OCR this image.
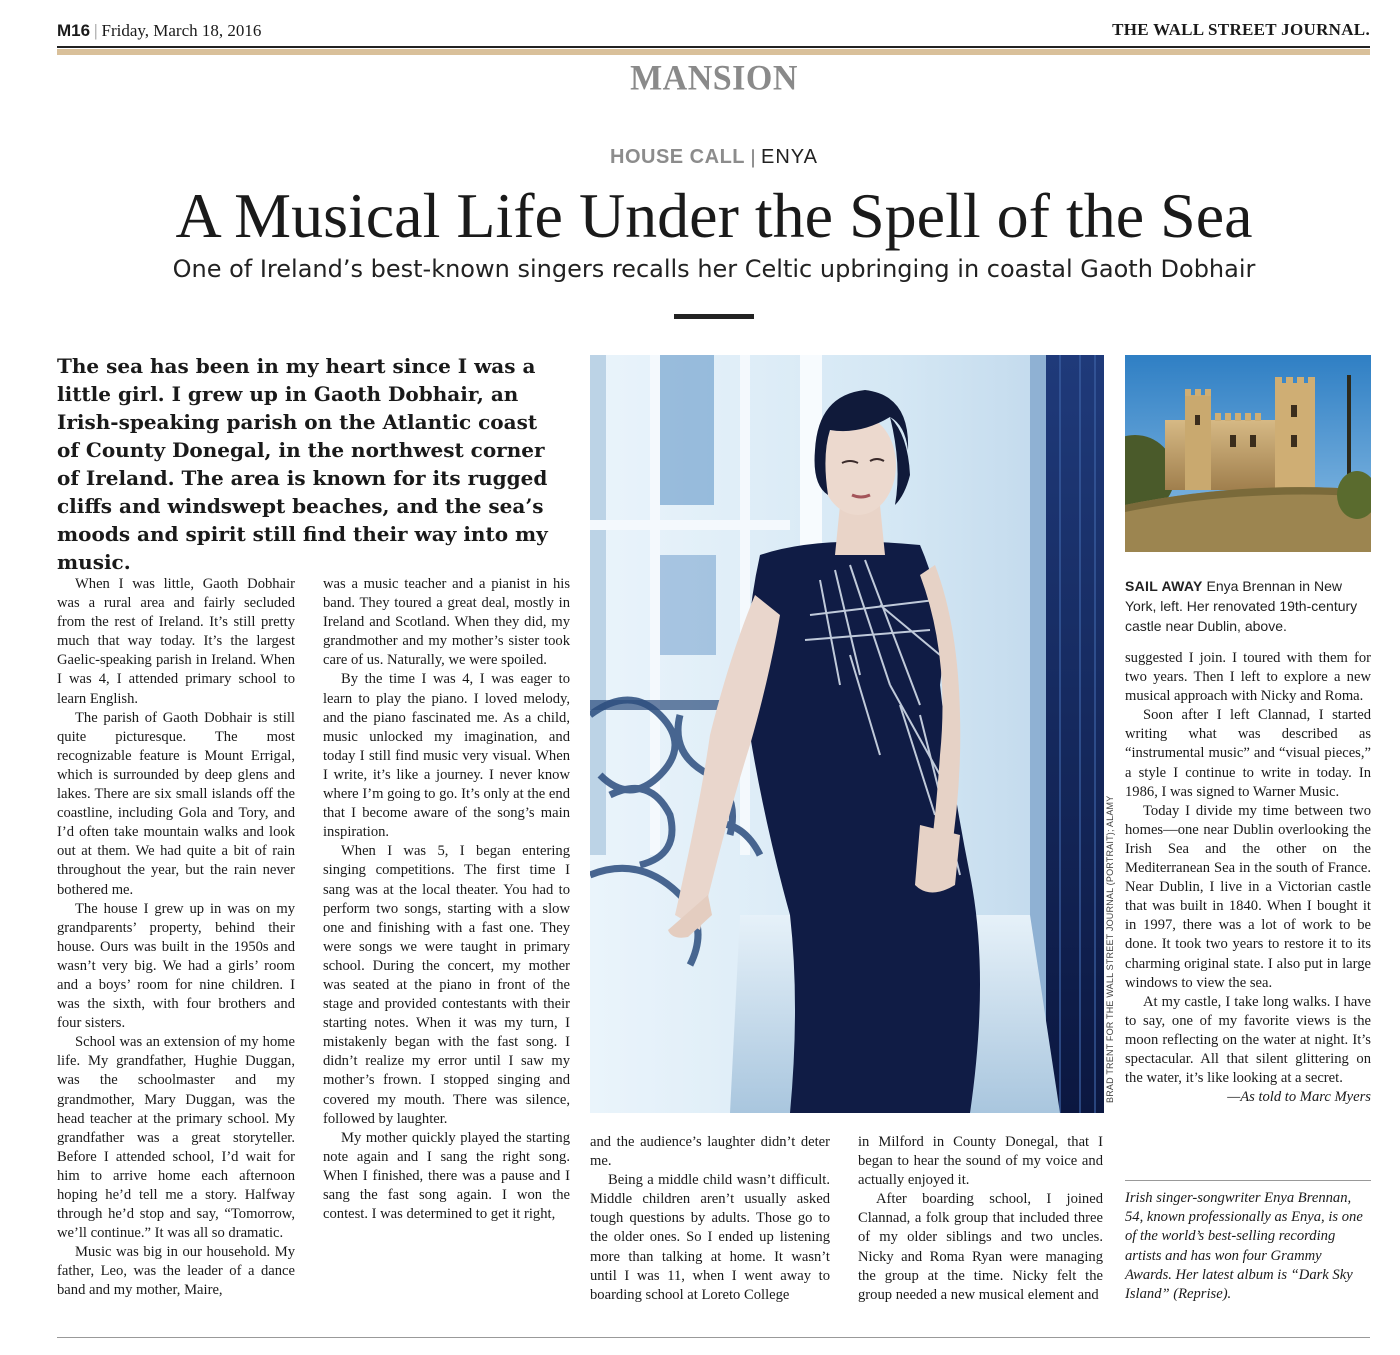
M16 | Friday, March 18, 2016	THE WALL STREET JOURNAL.
MANSION
HOUSE CALL | ENYA
A Musical Life Under the Spell of the Sea
One of Ireland’s best-known singers recalls her Celtic upbringing in coastal Gaoth Dobhair
The sea has been in my heart since I was a little girl. I grew up in Gaoth Dobhair, an Irish-speaking parish on the Atlantic coast of County Donegal, in the northwest corner of Ireland. The area is known for its rugged cliffs and windswept beaches, and the sea’s moods and spirit still find their way into my music.

When I was little, Gaoth Dobhair was a rural area and fairly secluded from the rest of Ireland. It’s still pretty much that way today. It’s the largest Gaelic-speaking parish in Ireland. When I was 4, I attended primary school to learn English.

The parish of Gaoth Dobhair is still quite picturesque. The most recognizable feature is Mount Errigal, which is surrounded by deep glens and lakes. There are six small islands off the coastline, including Gola and Tory, and I’d often take mountain walks and look out at them. We had quite a bit of rain throughout the year, but the rain never bothered me.

The house I grew up in was on my grandparents’ property, behind their house. Ours was built in the 1950s and wasn’t very big. We had a girls’ room and a boys’ room for nine children. I was the sixth, with four brothers and four sisters.

School was an extension of my home life. My grandfather, Hughie Duggan, was the schoolmaster and my grandmother, Mary Duggan, was the head teacher at the primary school. My grandfather was a great storyteller. Before I attended school, I’d wait for him to arrive home each afternoon hoping he’d tell me a story. Halfway through he’d stop and say, “Tomorrow, we’ll continue.” It was all so dramatic.

Music was big in our household. My father, Leo, was the leader of a dance band and my mother, Maire,

was a music teacher and a pianist in his band. They toured a great deal, mostly in Ireland and Scotland. When they did, my grandmother and my mother’s sister took care of us. Naturally, we were spoiled.

By the time I was 4, I was eager to learn to play the piano. I loved melody, and the piano fascinated me. As a child, music unlocked my imagination, and today I still find music very visual. When I write, it’s like a journey. I never know where I’m going to go. It’s only at the end that I become aware of the song’s main inspiration.

When I was 5, I began entering singing competitions. The first time I sang was at the local theater. You had to perform two songs, starting with a slow one and finishing with a fast one. They were songs we were taught in primary school. During the concert, my mother was seated at the piano in front of the stage and provided contestants with their starting notes. When it was my turn, I mistakenly began with the fast song. I didn’t realize my error until I saw my mother’s frown. I stopped singing and covered my mouth. There was silence, followed by laughter.

My mother quickly played the starting note again and I sang the right song. When I finished, there was a pause and I sang the fast song again. I won the contest. I was determined to get it right,

BRAD TRENT FOR THE WALL STREET JOURNAL (PORTRAIT); ALAMY
SAIL AWAY Enya Brennan in New York, left. Her renovated 19th-century castle near Dublin, above.

and the audience’s laughter didn’t deter me.

Being a middle child wasn’t difficult. Middle children aren’t usually asked tough questions by adults. Those go to the older ones. So I ended up listening more than talking at home. It wasn’t until I was 11, when I went away to boarding school at Loreto College

in Milford in County Donegal, that I began to hear the sound of my voice and actually enjoyed it.

After boarding school, I joined Clannad, a folk group that included three of my older siblings and two uncles. Nicky and Roma Ryan were managing the group at the time. Nicky felt the group needed a new musical element and

suggested I join. I toured with them for two years. Then I left to explore a new musical approach with Nicky and Roma.

Soon after I left Clannad, I started writing what was described as “instrumental music” and “visual pieces,” a style I continue to write in today. In 1986, I was signed to Warner Music.

Today I divide my time between two homes—one near Dublin overlooking the Irish Sea and the other on the Mediterranean Sea in the south of France. Near Dublin, I live in a Victorian castle that was built in 1840. When I bought it in 1997, there was a lot of work to be done. It took two years to restore it to its charming original state. I also put in large windows to view the sea.

At my castle, I take long walks. I have to say, one of my favorite views is the moon reflecting on the water at night. It’s spectacular. All that silent glittering on the water, it’s like looking at a secret.

—As told to Marc Myers

Irish singer-songwriter Enya Brennan, 54, known professionally as Enya, is one of the world’s best-selling recording artists and has won four Grammy Awards. Her latest album is “Dark Sky Island” (Reprise).
